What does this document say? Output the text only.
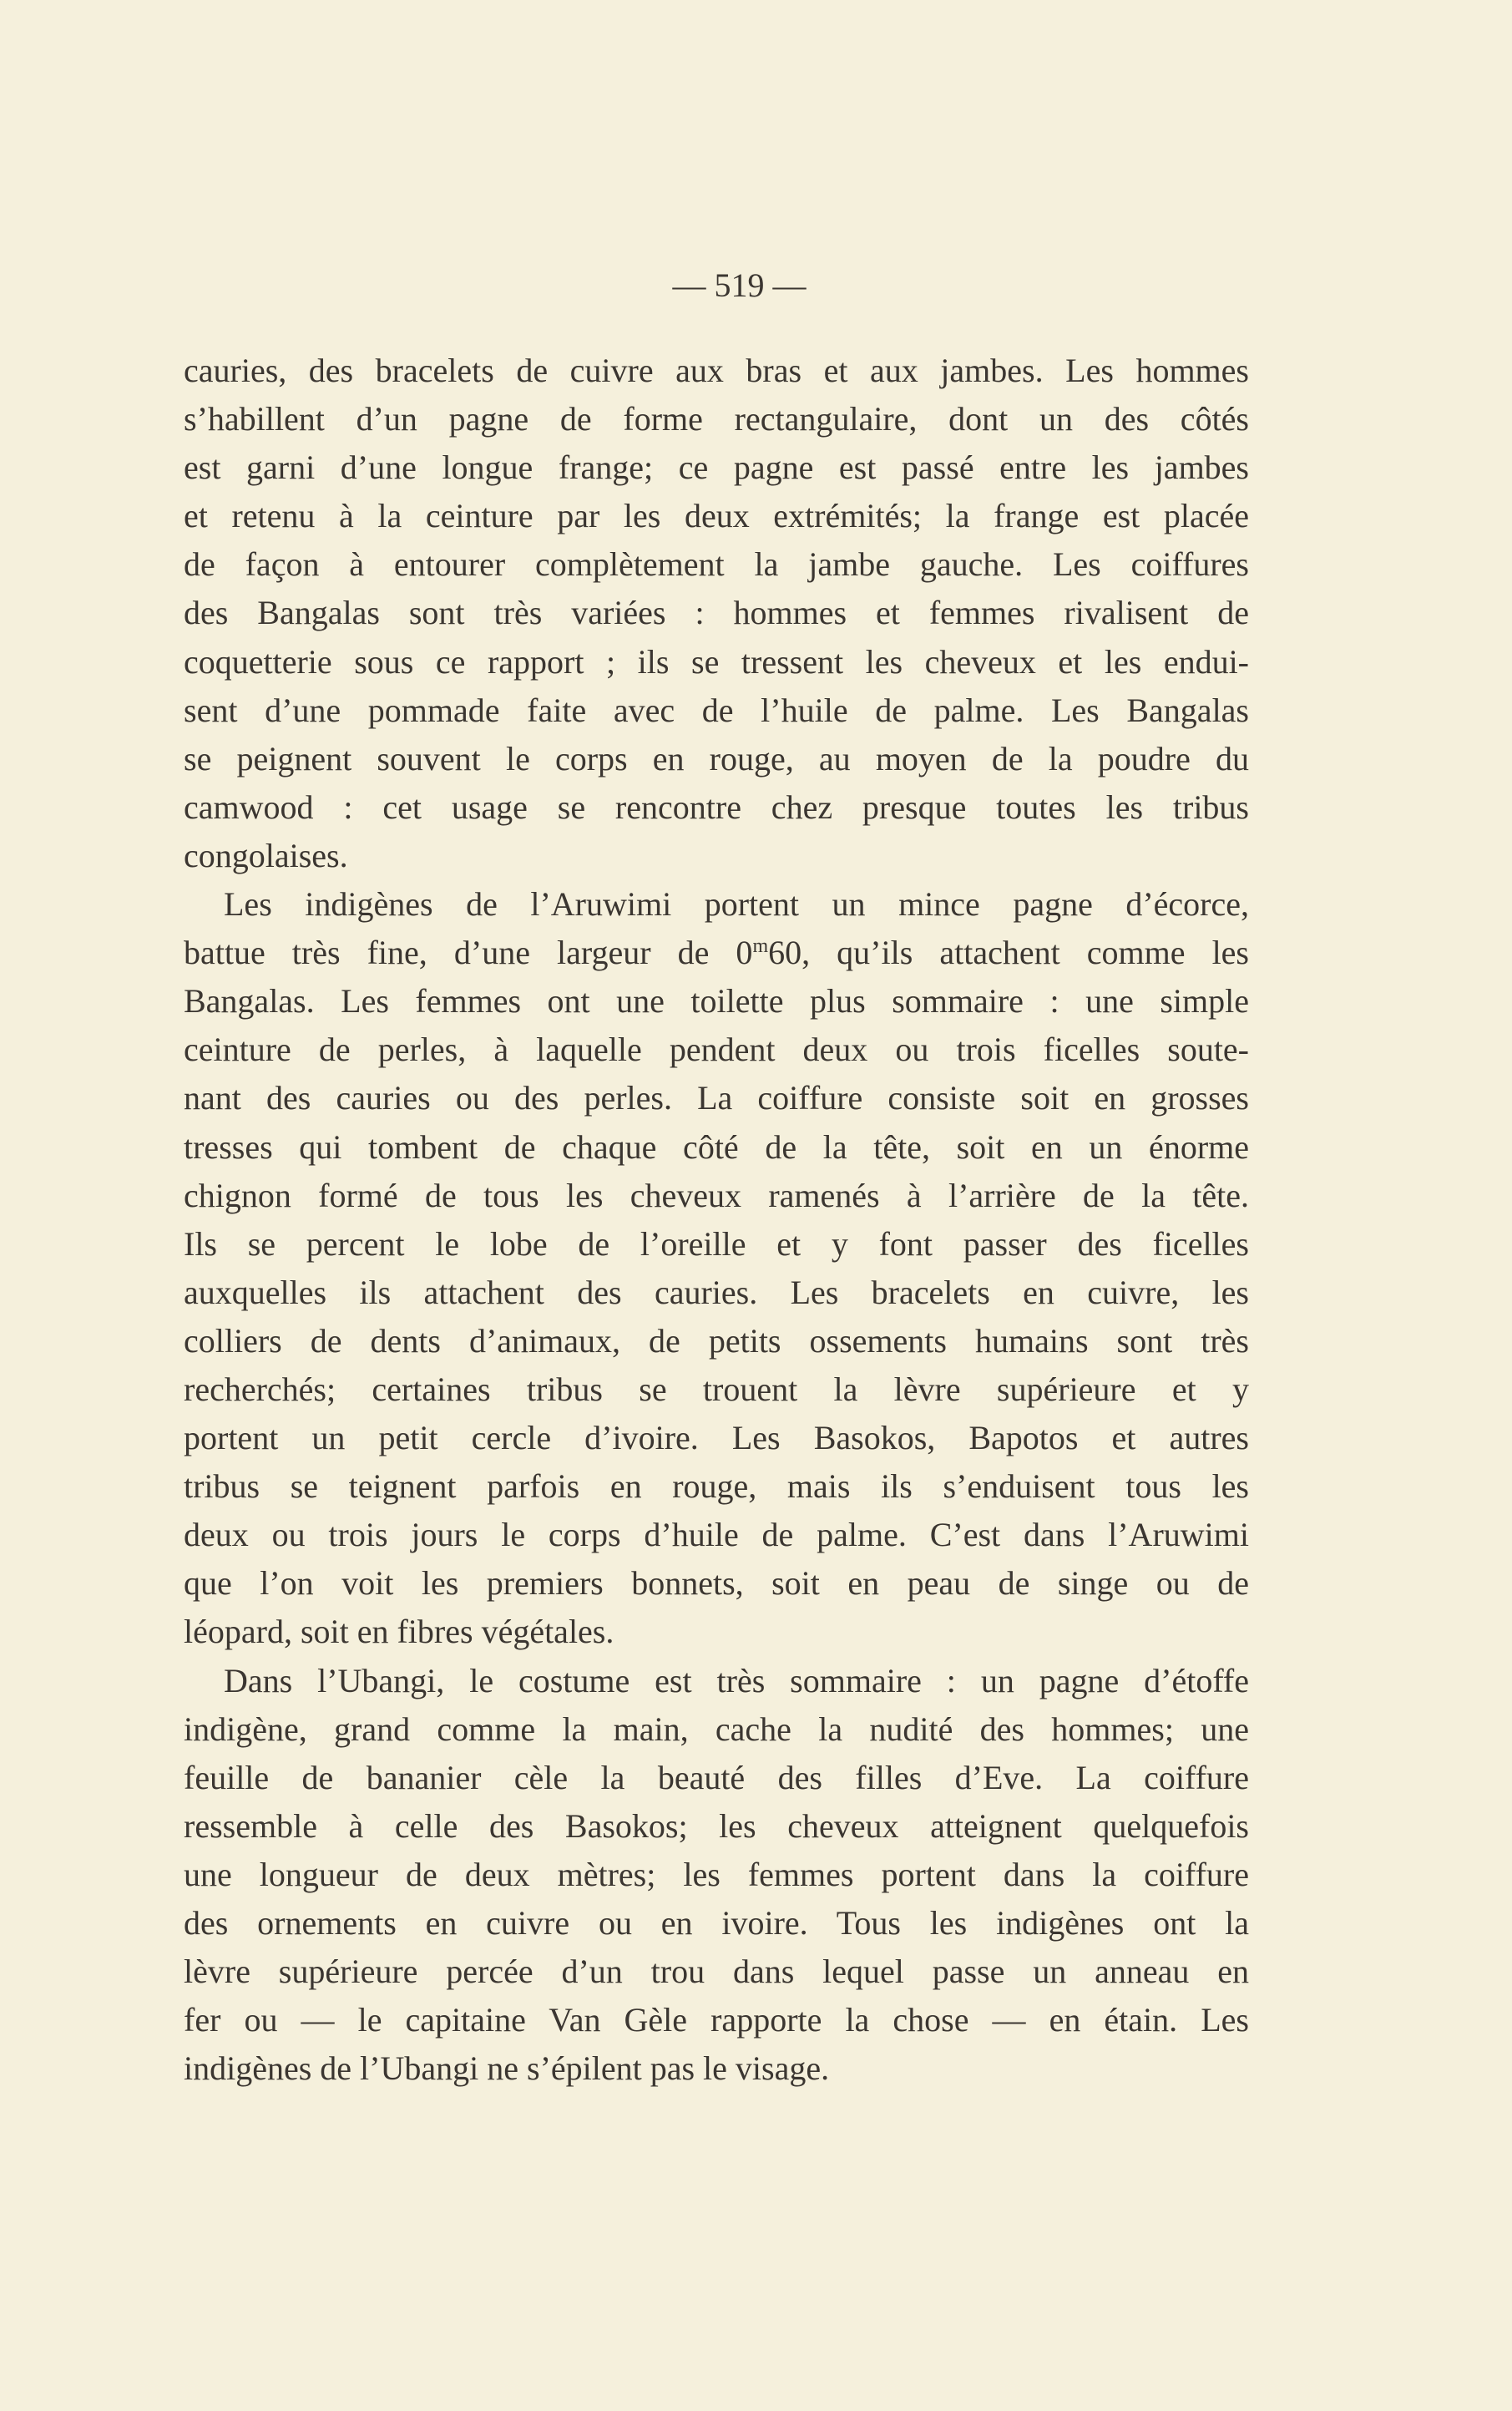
— 519 —
cauries, des bracelets de cuivre aux bras et aux jambes. Les hommes
s’habillent d’un pagne de forme rectangulaire, dont un des côtés
est garni d’une longue frange; ce pagne est passé entre les jambes
et retenu à la ceinture par les deux extrémités; la frange est placée
de façon à entourer complètement la jambe gauche. Les coiffures
des Bangalas sont très variées : hommes et femmes rivalisent de
coquetterie sous ce rapport ; ils se tressent les cheveux et les endui-
sent d’une pommade faite avec de l’huile de palme. Les Bangalas
se peignent souvent le corps en rouge, au moyen de la poudre du
camwood : cet usage se rencontre chez presque toutes les tribus
congolaises.
Les indigènes de l’Aruwimi portent un mince pagne d’écorce,
battue très fine, d’une largeur de 0$^m$60, qu’ils attachent comme les
Bangalas. Les femmes ont une toilette plus sommaire : une simple
ceinture de perles, à laquelle pendent deux ou trois ficelles soute-
nant des cauries ou des perles. La coiffure consiste soit en grosses
tresses qui tombent de chaque côté de la tête, soit en un énorme
chignon formé de tous les cheveux ramenés à l’arrière de la tête.
Ils se percent le lobe de l’oreille et y font passer des ficelles
auxquelles ils attachent des cauries. Les bracelets en cuivre, les
colliers de dents d’animaux, de petits ossements humains sont très
recherchés; certaines tribus se trouent la lèvre supérieure et y
portent un petit cercle d’ivoire. Les Basokos, Bapotos et autres
tribus se teignent parfois en rouge, mais ils s’enduisent tous les
deux ou trois jours le corps d’huile de palme. C’est dans l’Aruwimi
que l’on voit les premiers bonnets, soit en peau de singe ou de
léopard, soit en fibres végétales.
Dans l’Ubangi, le costume est très sommaire : un pagne d’étoffe
indigène, grand comme la main, cache la nudité des hommes; une
feuille de bananier cèle la beauté des filles d’Eve. La coiffure
ressemble à celle des Basokos; les cheveux atteignent quelquefois
une longueur de deux mètres; les femmes portent dans la coiffure
des ornements en cuivre ou en ivoire. Tous les indigènes ont la
lèvre supérieure percée d’un trou dans lequel passe un anneau en
fer ou — le capitaine Van Gèle rapporte la chose — en étain. Les
indigènes de l’Ubangi ne s’épilent pas le visage.
